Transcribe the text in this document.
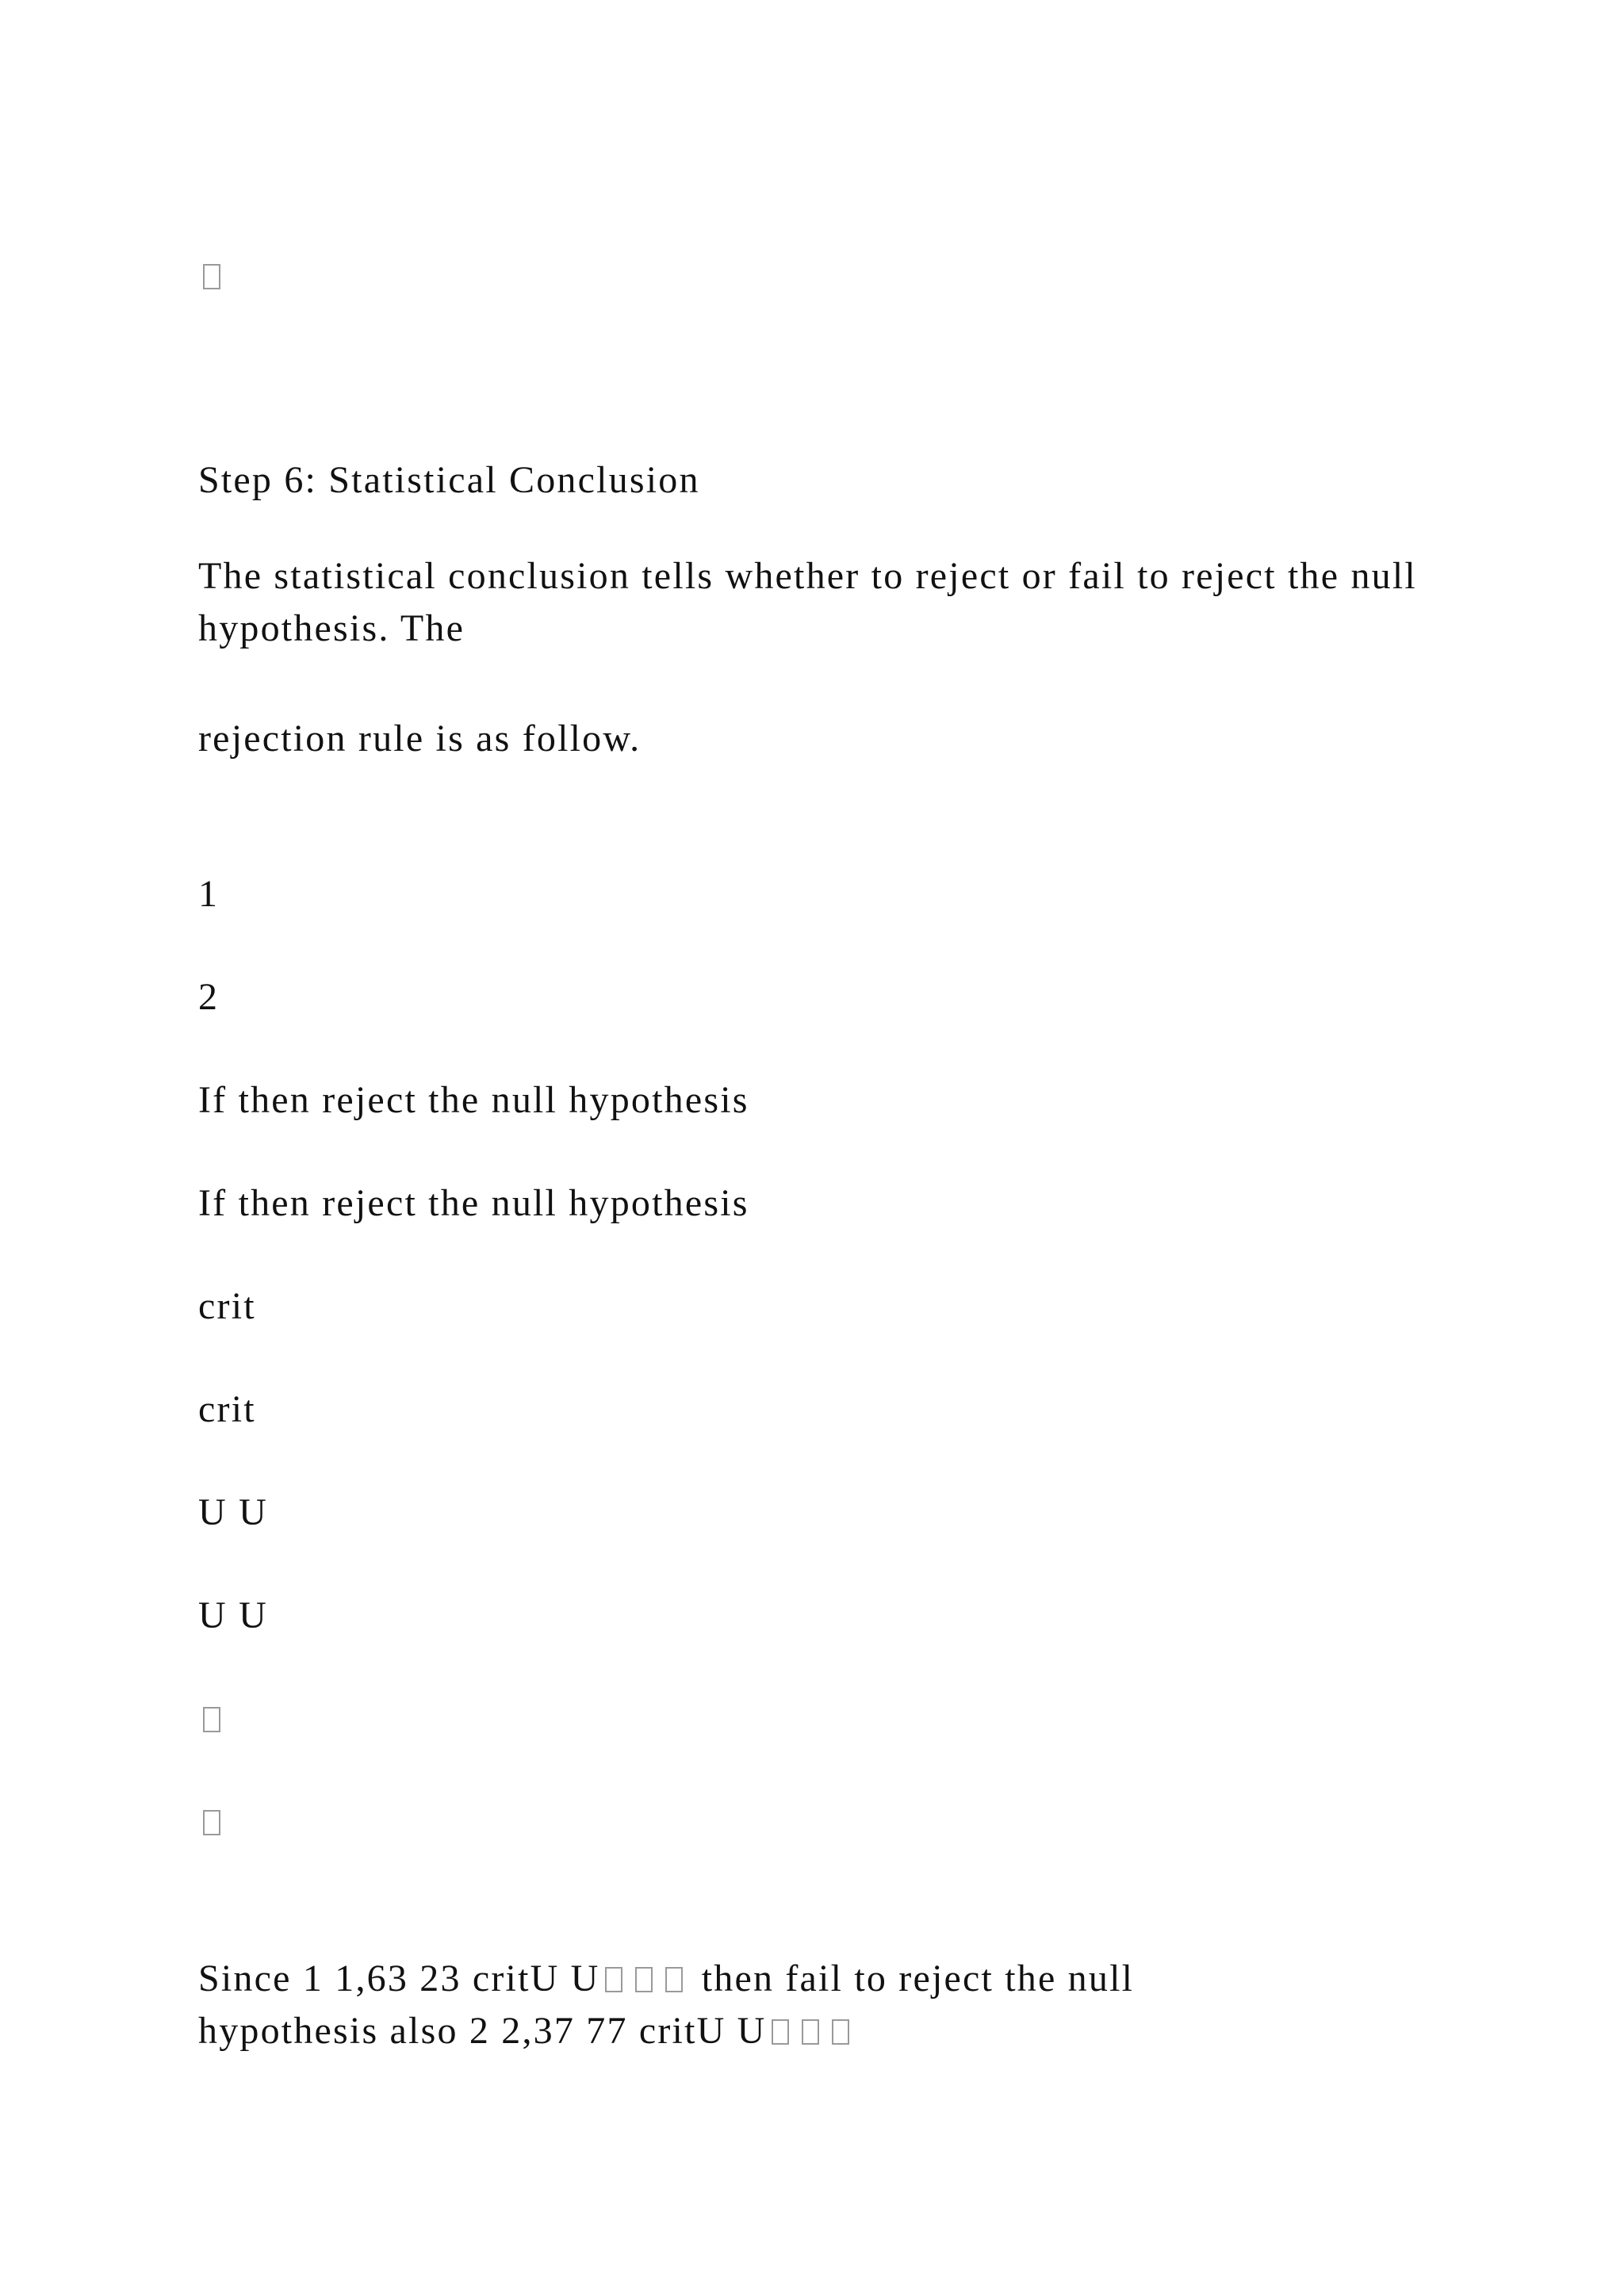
Step 6: Statistical Conclusion
The statistical conclusion tells whether to reject or fail to reject the null hypothesis. The
rejection rule is as follow.
1
2
If then reject the null hypothesis
If then reject the null hypothesis
crit
crit
U U
U U
Since 1 1,63 23 critU U then fail to reject the null
hypothesis also 2 2,37 77 critU U
